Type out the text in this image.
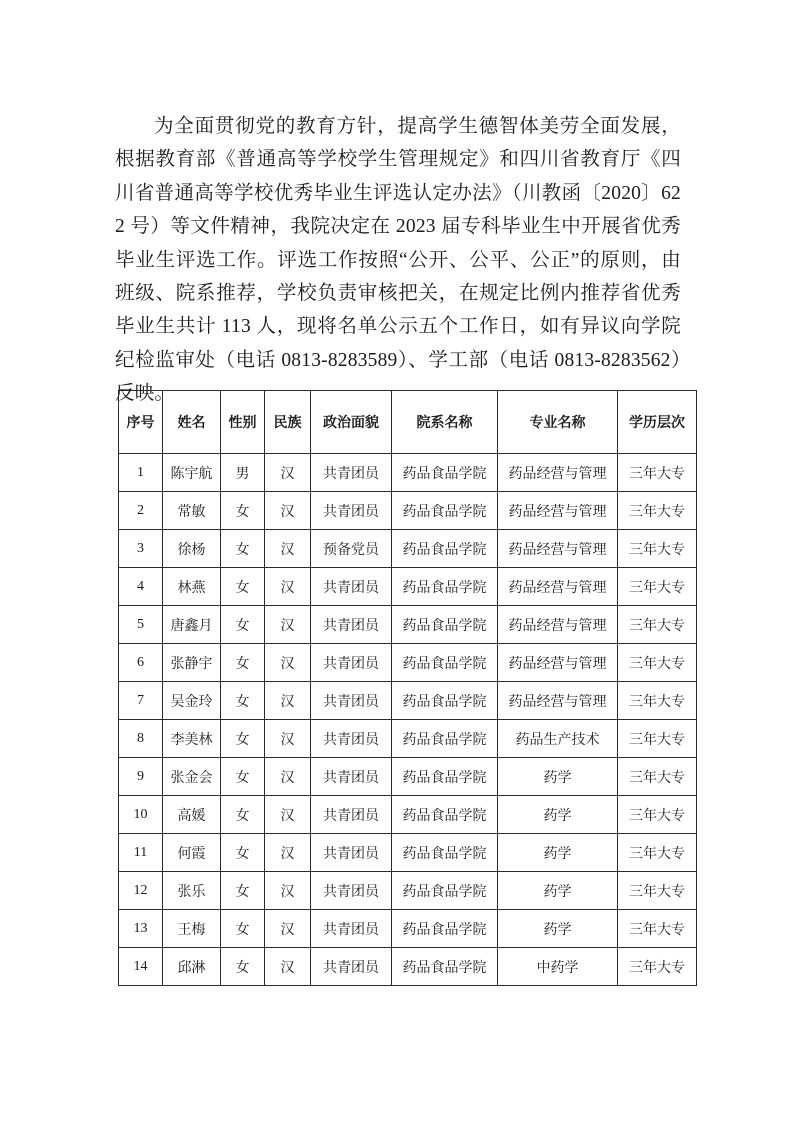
为全面贯彻党的教育方针，提高学生德智体美劳全面发展，根据教育部《普通高等学校学生管理规定》和四川省教育厅《四川省普通高等学校优秀毕业生评选认定办法》（川教函〔2020〕622 号）等文件精神，我院决定在 2023 届专科毕业生中开展省优秀毕业生评选工作。评选工作按照“公开、公平、公正”的原则，由班级、院系推荐，学校负责审核把关，在规定比例内推荐省优秀毕业生共计 113 人，现将名单公示五个工作日，如有异议向学院纪检监审处（电话 0813-8283589）、学工部（电话 0813-8283562）反映。

序号	姓名	性别	民族	政治面貌	院系名称	专业名称	学历层次
1	陈宇航	男	汉	共青团员	药品食品学院	药品经营与管理	三年大专
2	常敏	女	汉	共青团员	药品食品学院	药品经营与管理	三年大专
3	徐杨	女	汉	预备党员	药品食品学院	药品经营与管理	三年大专
4	林燕	女	汉	共青团员	药品食品学院	药品经营与管理	三年大专
5	唐鑫月	女	汉	共青团员	药品食品学院	药品经营与管理	三年大专
6	张静宇	女	汉	共青团员	药品食品学院	药品经营与管理	三年大专
7	吴金玲	女	汉	共青团员	药品食品学院	药品经营与管理	三年大专
8	李美林	女	汉	共青团员	药品食品学院	药品生产技术	三年大专
9	张金会	女	汉	共青团员	药品食品学院	药学	三年大专
10	高媛	女	汉	共青团员	药品食品学院	药学	三年大专
11	何霞	女	汉	共青团员	药品食品学院	药学	三年大专
12	张乐	女	汉	共青团员	药品食品学院	药学	三年大专
13	王梅	女	汉	共青团员	药品食品学院	药学	三年大专
14	邱淋	女	汉	共青团员	药品食品学院	中药学	三年大专
